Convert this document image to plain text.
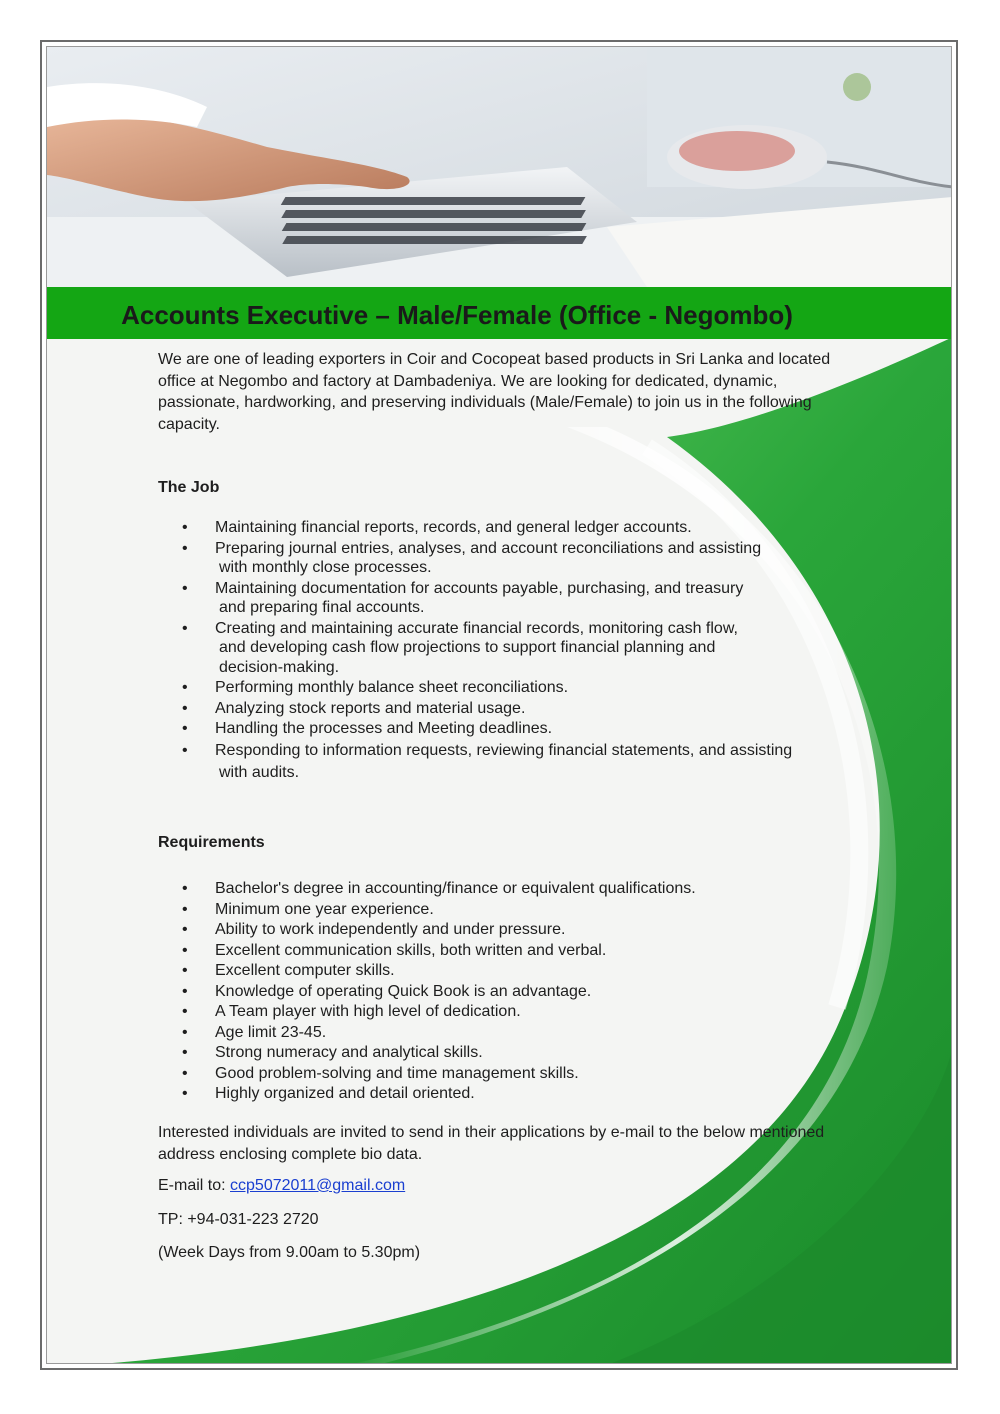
Accounts Executive – Male/Female (Office - Negombo)

We are one of leading exporters in Coir and Cocopeat based products in Sri Lanka and located office at Negombo and factory at Dambadeniya. We are looking for dedicated, dynamic, passionate, hardworking, and preserving individuals (Male/Female) to join us in the following capacity.

The Job
• Maintaining financial reports, records, and general ledger accounts.
• Preparing journal entries, analyses, and account reconciliations and assisting
with monthly close processes.
• Maintaining documentation for accounts payable, purchasing, and treasury
and preparing final accounts.
• Creating and maintaining accurate financial records, monitoring cash flow,
and developing cash flow projections to support financial planning and decision-making.
• Performing monthly balance sheet reconciliations.
• Analyzing stock reports and material usage.
• Handling the processes and Meeting deadlines.
• Responding to information requests, reviewing financial statements, and assisting
with audits.
Requirements
• Bachelor's degree in accounting/finance or equivalent qualifications.
• Minimum one year experience.
• Ability to work independently and under pressure.
• Excellent communication skills, both written and verbal.
• Excellent computer skills.
• Knowledge of operating Quick Book is an advantage.
• A Team player with high level of dedication.
• Age limit 23-45.
• Strong numeracy and analytical skills.
• Good problem-solving and time management skills.
• Highly organized and detail oriented.

Interested individuals are invited to send in their applications by e-mail to the below mentioned address enclosing complete bio data.

E-mail to: ccp5072011@gmail.com
TP: +94-031-223 2720
(Week Days from 9.00am to 5.30pm)
